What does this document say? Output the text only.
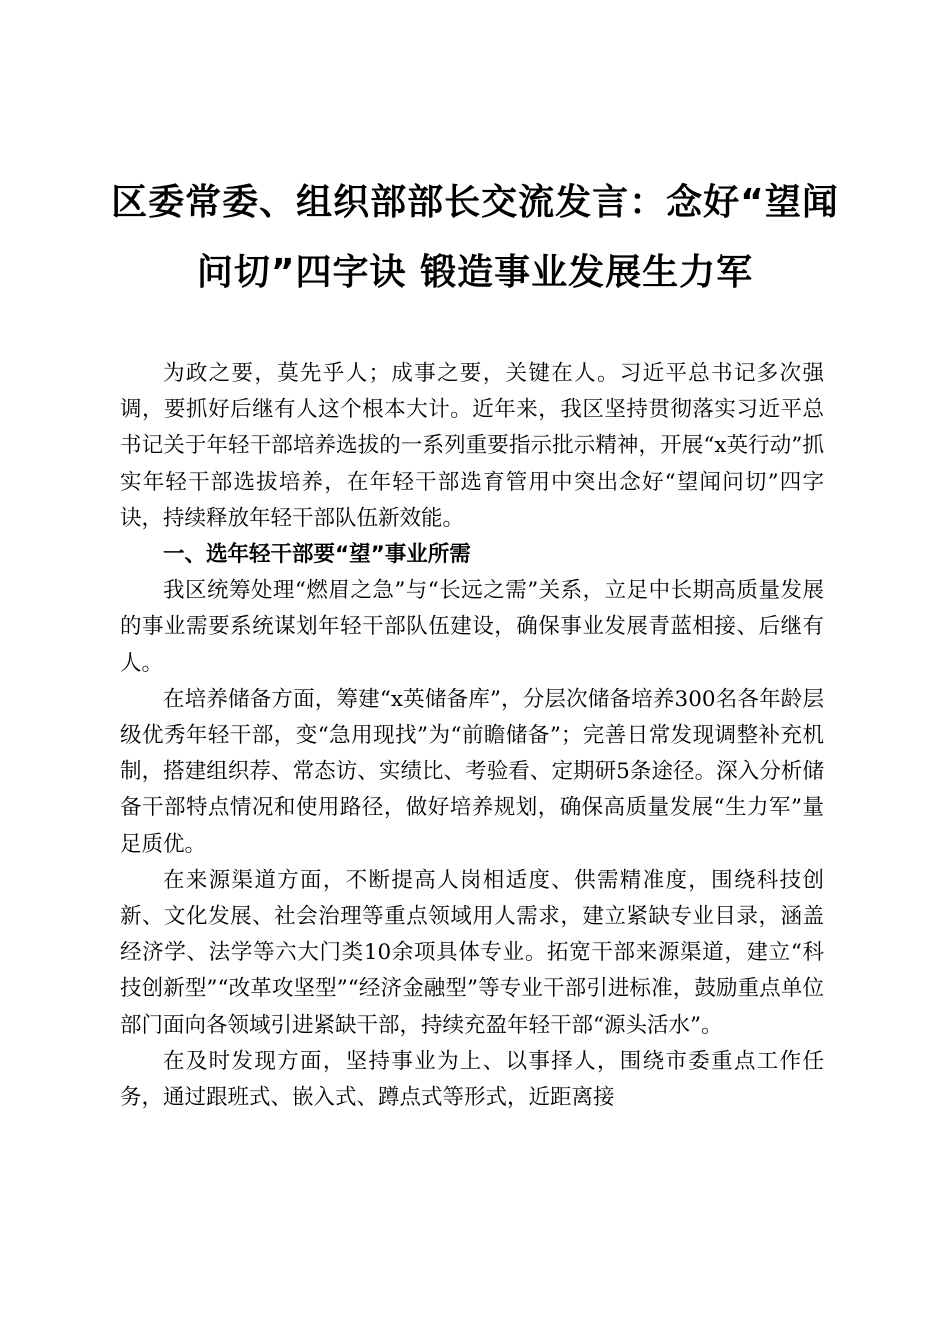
区委常委、组织部部长交流发言：念好“望闻
问切”四字诀 锻造事业发展生力军

为政之要，莫先乎人；成事之要，关键在人。习近平总书记多次强调，要抓好后继有人这个根本大计。近年来，我区坚持贯彻落实习近平总书记关于年轻干部培养选拔的一系列重要指示批示精神，开展“x英行动”抓实年轻干部选拔培养，在年轻干部选育管用中突出念好“望闻问切”四字诀，持续释放年轻干部队伍新效能。

一、选年轻干部要“望”事业所需

我区统筹处理“燃眉之急”与“长远之需”关系，立足中长期高质量发展的事业需要系统谋划年轻干部队伍建设，确保事业发展青蓝相接、后继有人。

在培养储备方面，筹建“x英储备库”，分层次储备培养300名各年龄层级优秀年轻干部，变“急用现找”为“前瞻储备”；完善日常发现调整补充机制，搭建组织荐、常态访、实绩比、考验看、定期研5条途径。深入分析储备干部特点情况和使用路径，做好培养规划，确保高质量发展“生力军”量足质优。

在来源渠道方面，不断提高人岗相适度、供需精准度，围绕科技创新、文化发展、社会治理等重点领域用人需求，建立紧缺专业目录，涵盖经济学、法学等六大门类10余项具体专业。拓宽干部来源渠道，建立“科技创新型”“改革攻坚型”“经济金融型”等专业干部引进标准，鼓励重点单位部门面向各领域引进紧缺干部，持续充盈年轻干部“源头活水”。

在及时发现方面，坚持事业为上、以事择人，围绕市委重点工作任务，通过跟班式、嵌入式、蹲点式等形式，近距离接
